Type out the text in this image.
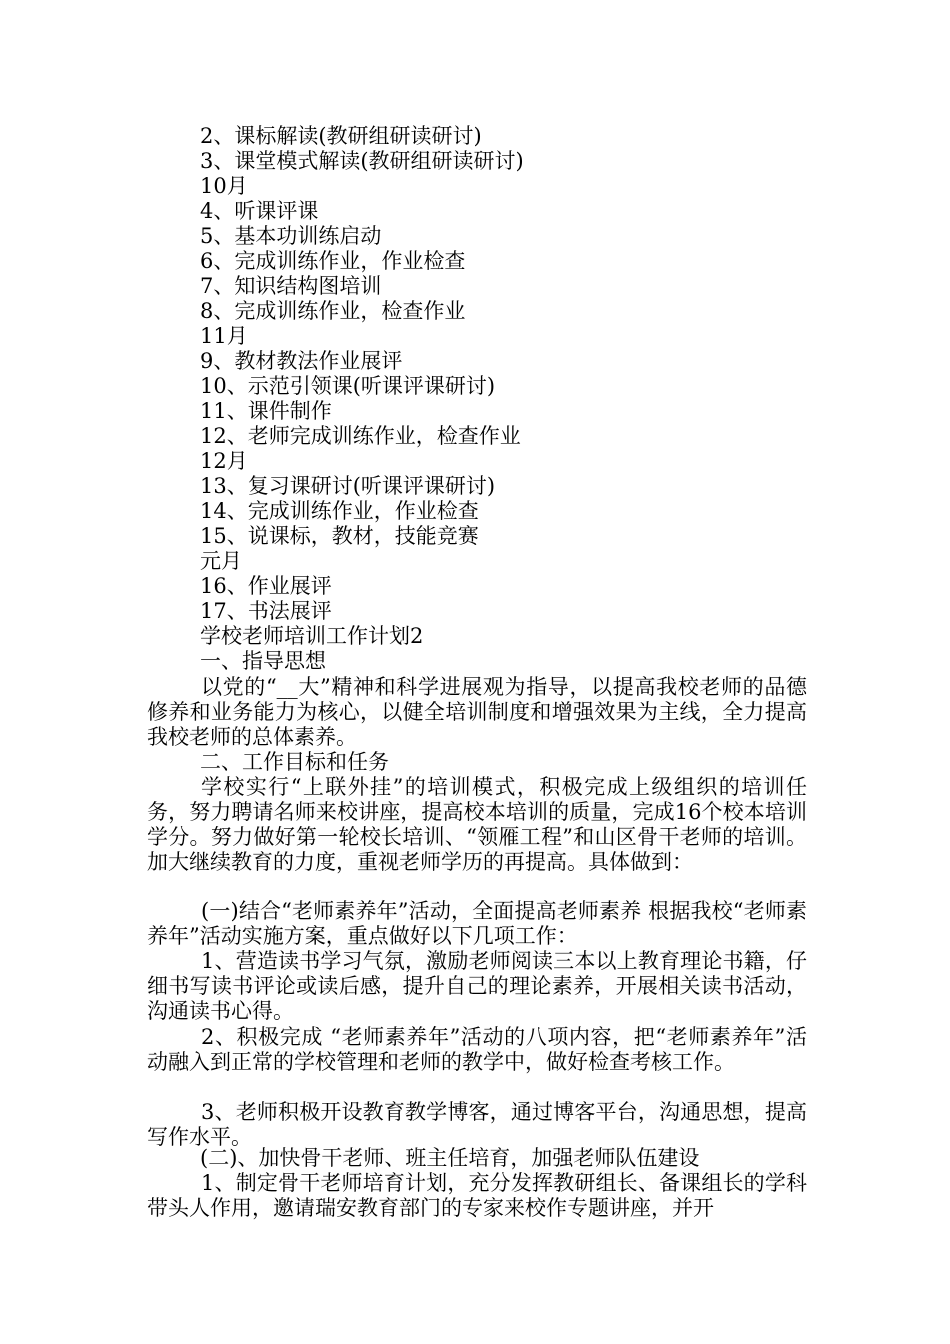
2、课标解读(教研组研读研讨)
3、课堂模式解读(教研组研读研讨)
10月
4、听课评课
5、基本功训练启动
6、完成训练作业，作业检查
7、知识结构图培训
8、完成训练作业，检查作业
11月
9、教材教法作业展评
10、示范引领课(听课评课研讨)
11、课件制作
12、老师完成训练作业，检查作业
12月
13、复习课研讨(听课评课研讨)
14、完成训练作业，作业检查
15、说课标，教材，技能竞赛
元月
16、作业展评
17、书法展评
学校老师培训工作计划2
一、指导思想
以党的“__大”精神和科学进展观为指导，以提高我校老师的品德修养和业务能力为核心，以健全培训制度和增强效果为主线，全力提高我校老师的总体素养。
二、工作目标和任务
学校实行“上联外挂”的培训模式，积极完成上级组织的培训任务，努力聘请名师来校讲座，提高校本培训的质量，完成16个校本培训学分。努力做好第一轮校长培训、“领雁工程”和山区骨干老师的培训。加大继续教育的力度，重视老师学历的再提高。具体做到：
(一)结合“老师素养年”活动，全面提高老师素养 根据我校“老师素养年”活动实施方案，重点做好以下几项工作：
1、营造读书学习气氛，激励老师阅读三本以上教育理论书籍，仔细书写读书评论或读后感，提升自己的理论素养，开展相关读书活动，沟通读书心得。
2、积极完成 “老师素养年”活动的八项内容，把“老师素养年”活动融入到正常的学校管理和老师的教学中，做好检查考核工作。
3、老师积极开设教育教学博客，通过博客平台，沟通思想，提高写作水平。
(二)、加快骨干老师、班主任培育，加强老师队伍建设
1、制定骨干老师培育计划，充分发挥教研组长、备课组长的学科带头人作用，邀请瑞安教育部门的专家来校作专题讲座，并开
